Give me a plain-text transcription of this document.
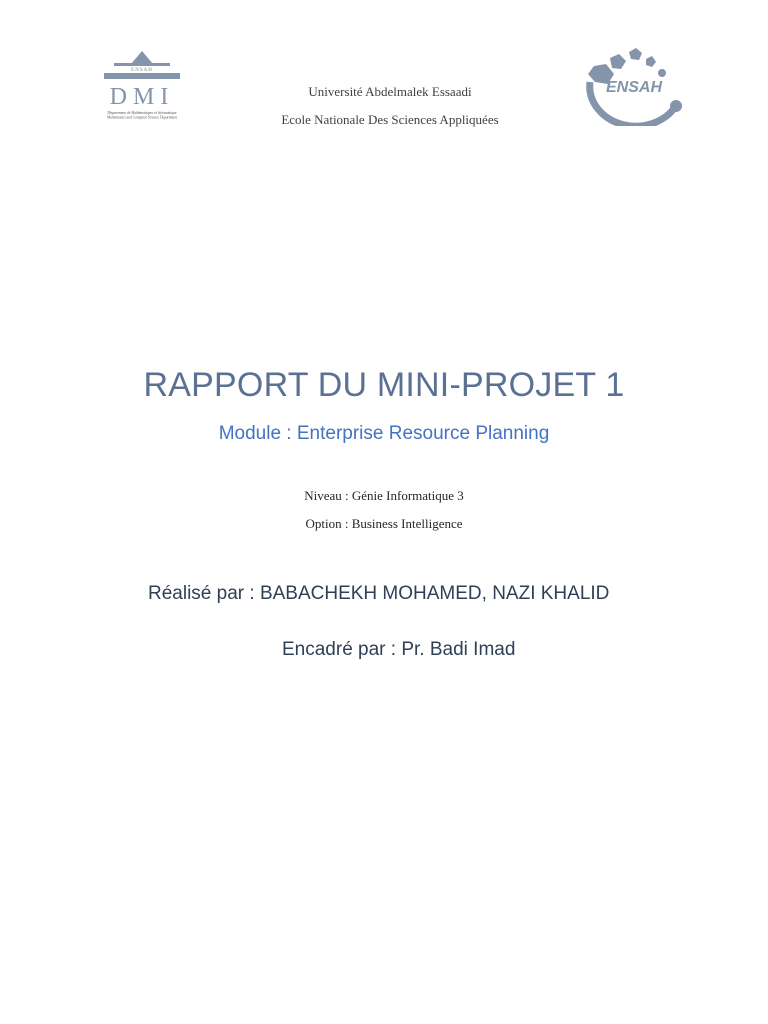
ENSAH
DMI
Département de Mathématiques et Informatique
Mathematics and Computer Science Department
Université Abdelmalek Essaadi
Ecole Nationale Des Sciences Appliquées
ENSAH
RAPPORT DU MINI-PROJET 1
Module : Enterprise Resource Planning
Niveau : Génie Informatique 3
Option : Business Intelligence
Réalisé par : BABACHEKH MOHAMED, NAZI KHALID
Encadré par : Pr. Badi Imad
